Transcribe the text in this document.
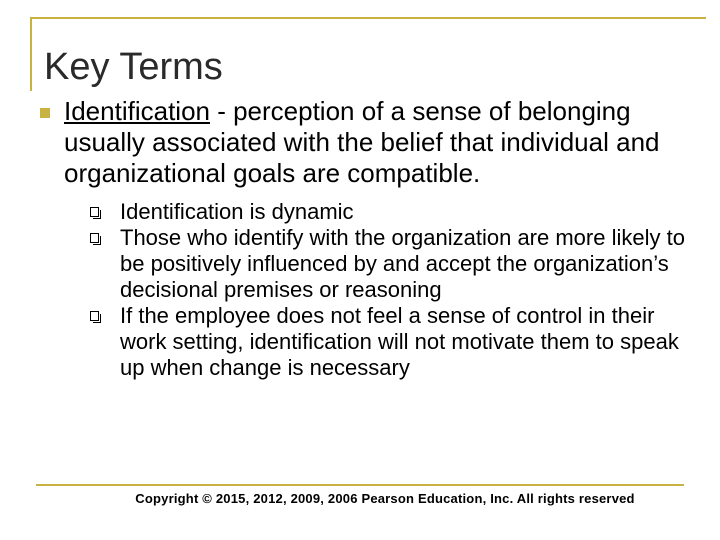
Key Terms
Identification - perception of a sense of belonging usually associated with the belief that individual and organizational goals are compatible.
Identification is dynamic
Those who identify with the organization are more likely to be positively influenced by and accept the organization’s decisional premises or reasoning
If the employee does not feel a sense of control in their work setting, identification will not motivate them to speak up when change is necessary
Copyright © 2015, 2012, 2009, 2006 Pearson Education, Inc. All rights reserved
